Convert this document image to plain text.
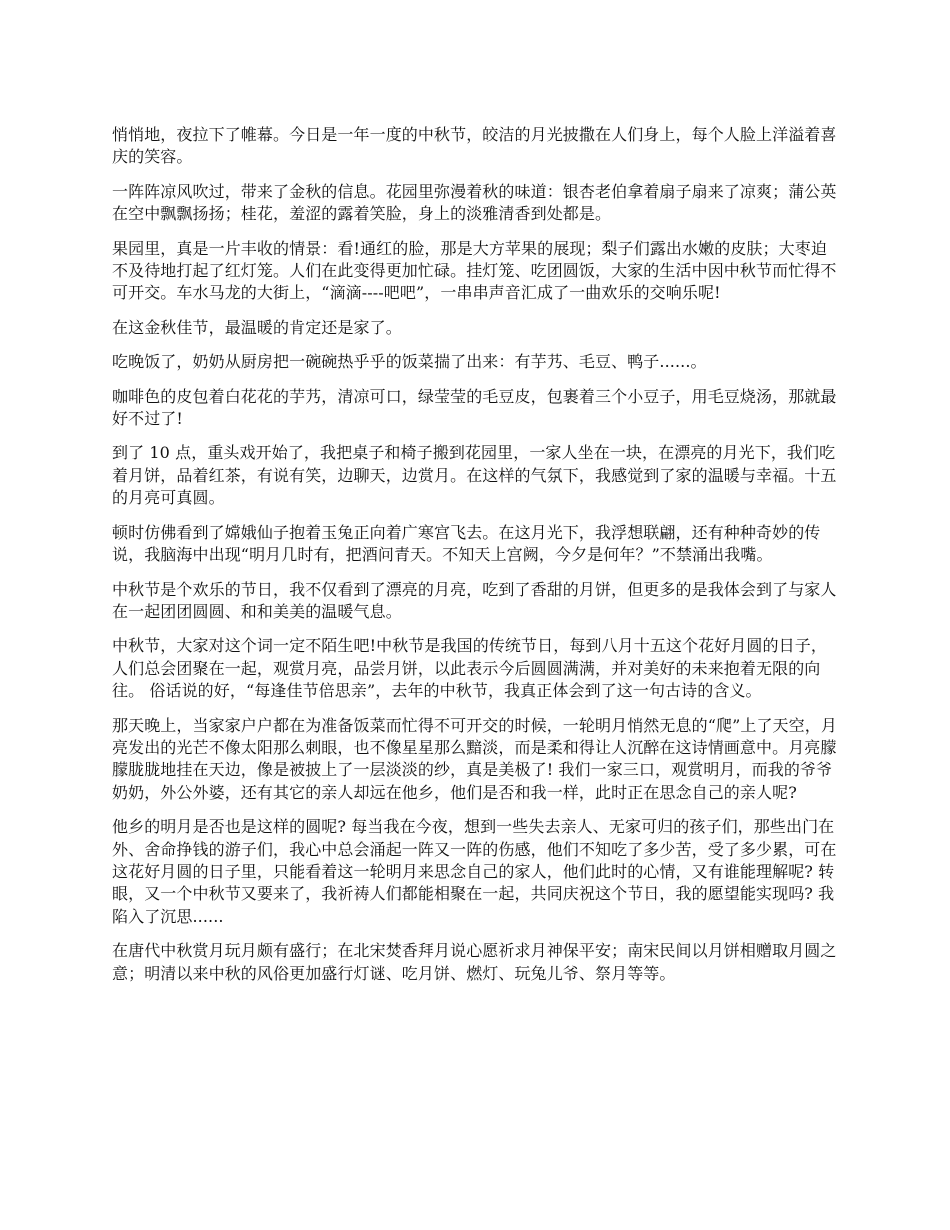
悄悄地，夜拉下了帷幕。今日是一年一度的中秋节，皎洁的月光披撒在人们身上，每个人脸上洋溢着喜庆的笑容。

一阵阵凉风吹过，带来了金秋的信息。花园里弥漫着秋的味道：银杏老伯拿着扇子扇来了凉爽；蒲公英在空中飘飘扬扬；桂花，羞涩的露着笑脸，身上的淡雅清香到处都是。

果园里，真是一片丰收的情景：看!通红的脸，那是大方苹果的展现；梨子们露出水嫩的皮肤；大枣迫不及待地打起了红灯笼。人们在此变得更加忙碌。挂灯笼、吃团圆饭，大家的生活中因中秋节而忙得不可开交。车水马龙的大街上，“滴滴----吧吧”，一串串声音汇成了一曲欢乐的交响乐呢!

在这金秋佳节，最温暖的肯定还是家了。

吃晚饭了，奶奶从厨房把一碗碗热乎乎的饭菜揣了出来：有芋艿、毛豆、鸭子......。

咖啡色的皮包着白花花的芋艿，清凉可口，绿莹莹的毛豆皮，包裹着三个小豆子，用毛豆烧汤，那就最好不过了!

到了 10 点，重头戏开始了，我把桌子和椅子搬到花园里，一家人坐在一块，在漂亮的月光下，我们吃着月饼，品着红茶，有说有笑，边聊天，边赏月。在这样的气氛下，我感觉到了家的温暖与幸福。十五的月亮可真圆。

顿时仿佛看到了嫦娥仙子抱着玉兔正向着广寒宫飞去。在这月光下，我浮想联翩，还有种种奇妙的传说，我脑海中出现“明月几时有，把酒问青天。不知天上宫阙，今夕是何年？”不禁涌出我嘴。

中秋节是个欢乐的节日，我不仅看到了漂亮的月亮，吃到了香甜的月饼，但更多的是我体会到了与家人在一起团团圆圆、和和美美的温暖气息。

中秋节，大家对这个词一定不陌生吧!中秋节是我国的传统节日，每到八月十五这个花好月圆的日子，人们总会团聚在一起，观赏月亮，品尝月饼，以此表示今后圆圆满满，并对美好的未来抱着无限的向往。 俗话说的好，“每逢佳节倍思亲”，去年的中秋节，我真正体会到了这一句古诗的含义。

那天晚上，当家家户户都在为准备饭菜而忙得不可开交的时候，一轮明月悄然无息的“爬”上了天空，月亮发出的光芒不像太阳那么刺眼，也不像星星那么黯淡，而是柔和得让人沉醉在这诗情画意中。月亮朦朦胧胧地挂在天边，像是被披上了一层淡淡的纱，真是美极了! 我们一家三口，观赏明月，而我的爷爷奶奶，外公外婆，还有其它的亲人却远在他乡，他们是否和我一样，此时正在思念自己的亲人呢?

他乡的明月是否也是这样的圆呢? 每当我在今夜，想到一些失去亲人、无家可归的孩子们，那些出门在外、舍命挣钱的游子们，我心中总会涌起一阵又一阵的伤感，他们不知吃了多少苦，受了多少累，可在这花好月圆的日子里，只能看着这一轮明月来思念自己的家人，他们此时的心情，又有谁能理解呢? 转眼，又一个中秋节又要来了，我祈祷人们都能相聚在一起，共同庆祝这个节日，我的愿望能实现吗? 我陷入了沉思......

在唐代中秋赏月玩月颇有盛行；在北宋焚香拜月说心愿祈求月神保平安；南宋民间以月饼相赠取月圆之意；明清以来中秋的风俗更加盛行灯谜、吃月饼、燃灯、玩兔儿爷、祭月等等。
